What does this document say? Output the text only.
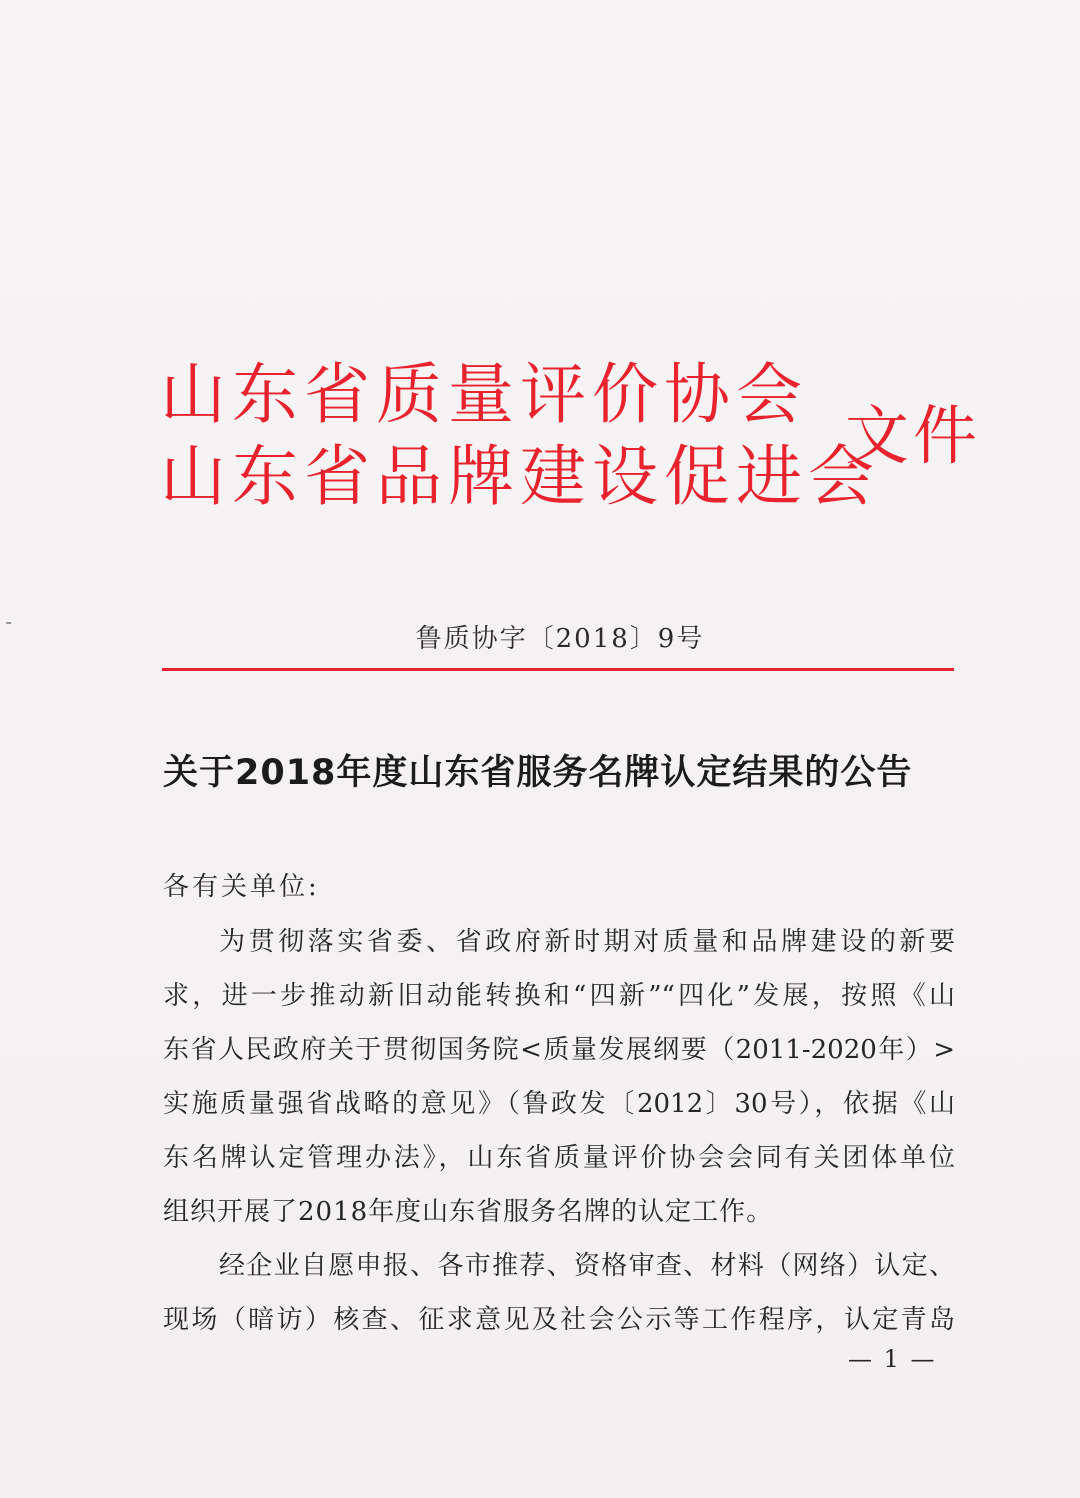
山东省质量评价协会
山东省品牌建设促进会
文件
鲁质协字〔2018〕9号
关于2018年度山东省服务名牌认定结果的公告
各有关单位:
为贯彻落实省委、省政府新时期对质量和品牌建设的新要
求，进一步推动新旧动能转换和“四新”“四化”发展，按照《山
东省人民政府关于贯彻国务院<质量发展纲要（2011-2020年）>
实施质量强省战略的意见》（鲁政发〔2012〕30号），依据《山
东名牌认定管理办法》，山东省质量评价协会会同有关团体单位
组织开展了2018年度山东省服务名牌的认定工作。
经企业自愿申报、各市推荐、资格审查、材料（网络）认定、
现场（暗访）核查、征求意见及社会公示等工作程序，认定青岛
— 1 —
